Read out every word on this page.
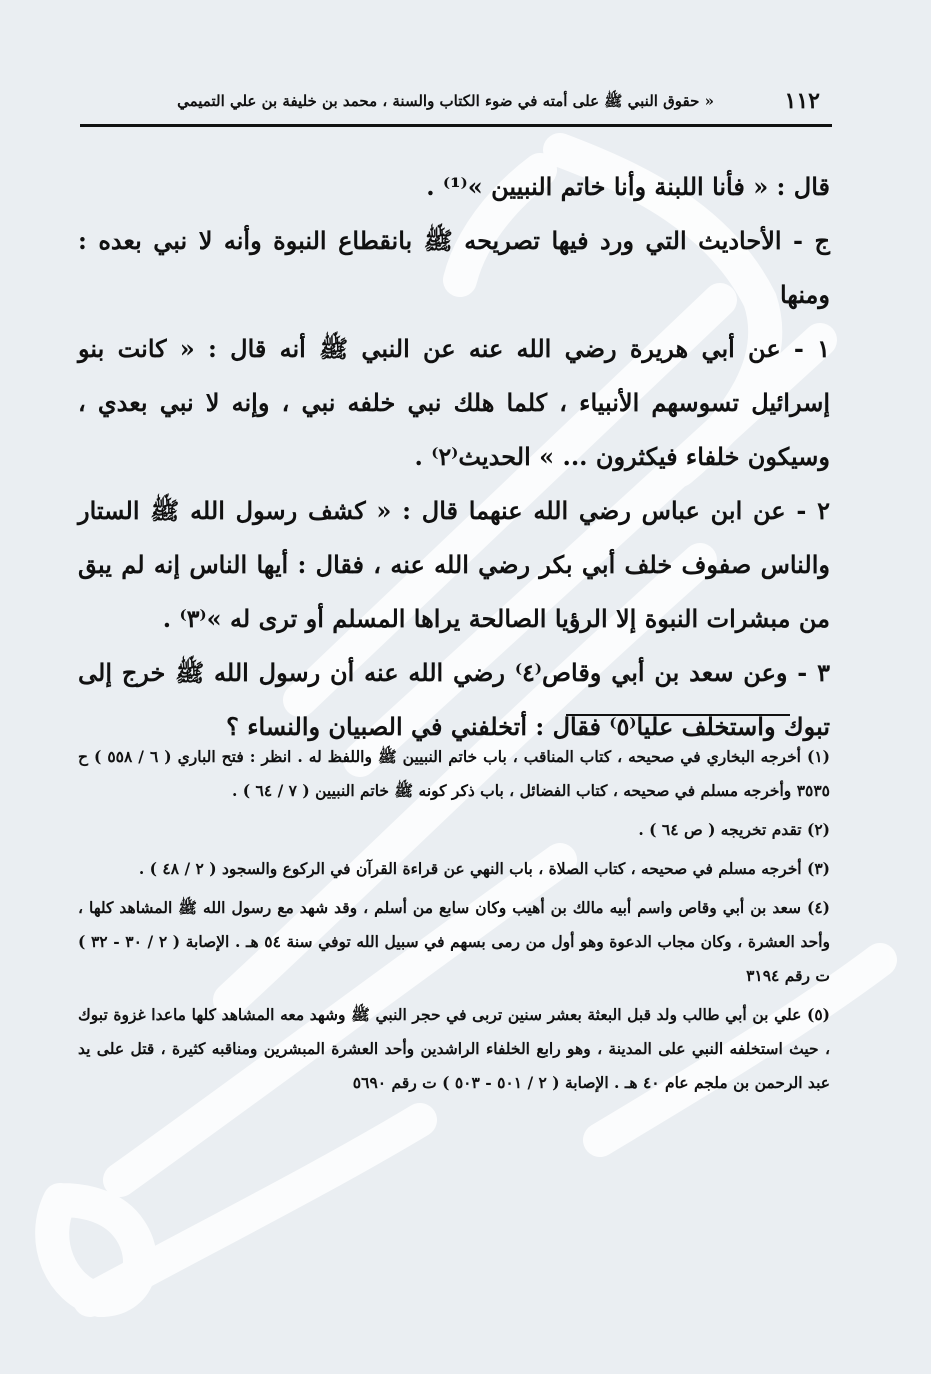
١١٢
« حقوق النبي ﷺ على أمته في ضوء الكتاب والسنة ، محمد بن خليفة بن علي التميمي

قال : « فأنا اللبنة وأنا خاتم النبيين »⁽¹⁾ .

ج - الأحاديث التي ورد فيها تصريحه ﷺ بانقطاع النبوة وأنه لا نبي بعده : ومنها

١ - عن أبي هريرة رضي الله عنه عن النبي ﷺ أنه قال : « كانت بنو إسرائيل تسوسهم الأنبياء ، كلما هلك نبي خلفه نبي ، وإنه لا نبي بعدي ، وسيكون خلفاء فيكثرون ... » الحديث⁽٢⁾ .

٢ - عن ابن عباس رضي الله عنهما قال : « كشف رسول الله ﷺ الستار والناس صفوف خلف أبي بكر رضي الله عنه ، فقال : أيها الناس إنه لم يبق من مبشرات النبوة إلا الرؤيا الصالحة يراها المسلم أو ترى له »⁽٣⁾ .

٣ - وعن سعد بن أبي وقاص⁽٤⁾ رضي الله عنه أن رسول الله ﷺ خرج إلى تبوك واستخلف عليا⁽٥⁾ فقال : أتخلفني في الصبيان والنساء ؟

(١) أخرجه البخاري في صحيحه ، كتاب المناقب ، باب خاتم النبيين ﷺ واللفظ له . انظر : فتح الباري ( ٦ / ٥٥٨ ) ح ٣٥٣٥ وأخرجه مسلم في صحيحه ، كتاب الفضائل ، باب ذكر كونه ﷺ خاتم النبيين ( ٧ / ٦٤ ) .

(٢) تقدم تخريجه ( ص ٦٤ ) .

(٣) أخرجه مسلم في صحيحه ، كتاب الصلاة ، باب النهي عن قراءة القرآن في الركوع والسجود ( ٢ / ٤٨ ) .

(٤) سعد بن أبي وقاص واسم أبيه مالك بن أهيب وكان سابع من أسلم ، وقد شهد مع رسول الله ﷺ المشاهد كلها ، وأحد العشرة ، وكان مجاب الدعوة وهو أول من رمى بسهم في سبيل الله توفي سنة ٥٤ هـ . الإصابة ( ٢ / ٣٠ - ٣٢ ) ت رقم ٣١٩٤

(٥) علي بن أبي طالب ولد قبل البعثة بعشر سنين تربى في حجر النبي ﷺ وشهد معه المشاهد كلها ماعدا غزوة تبوك ، حيث استخلفه النبي على المدينة ، وهو رابع الخلفاء الراشدين وأحد العشرة المبشرين ومناقبه كثيرة ، قتل على يد عبد الرحمن بن ملجم عام ٤٠ هـ . الإصابة ( ٢ / ٥٠١ - ٥٠٣ ) ت رقم ٥٦٩٠
